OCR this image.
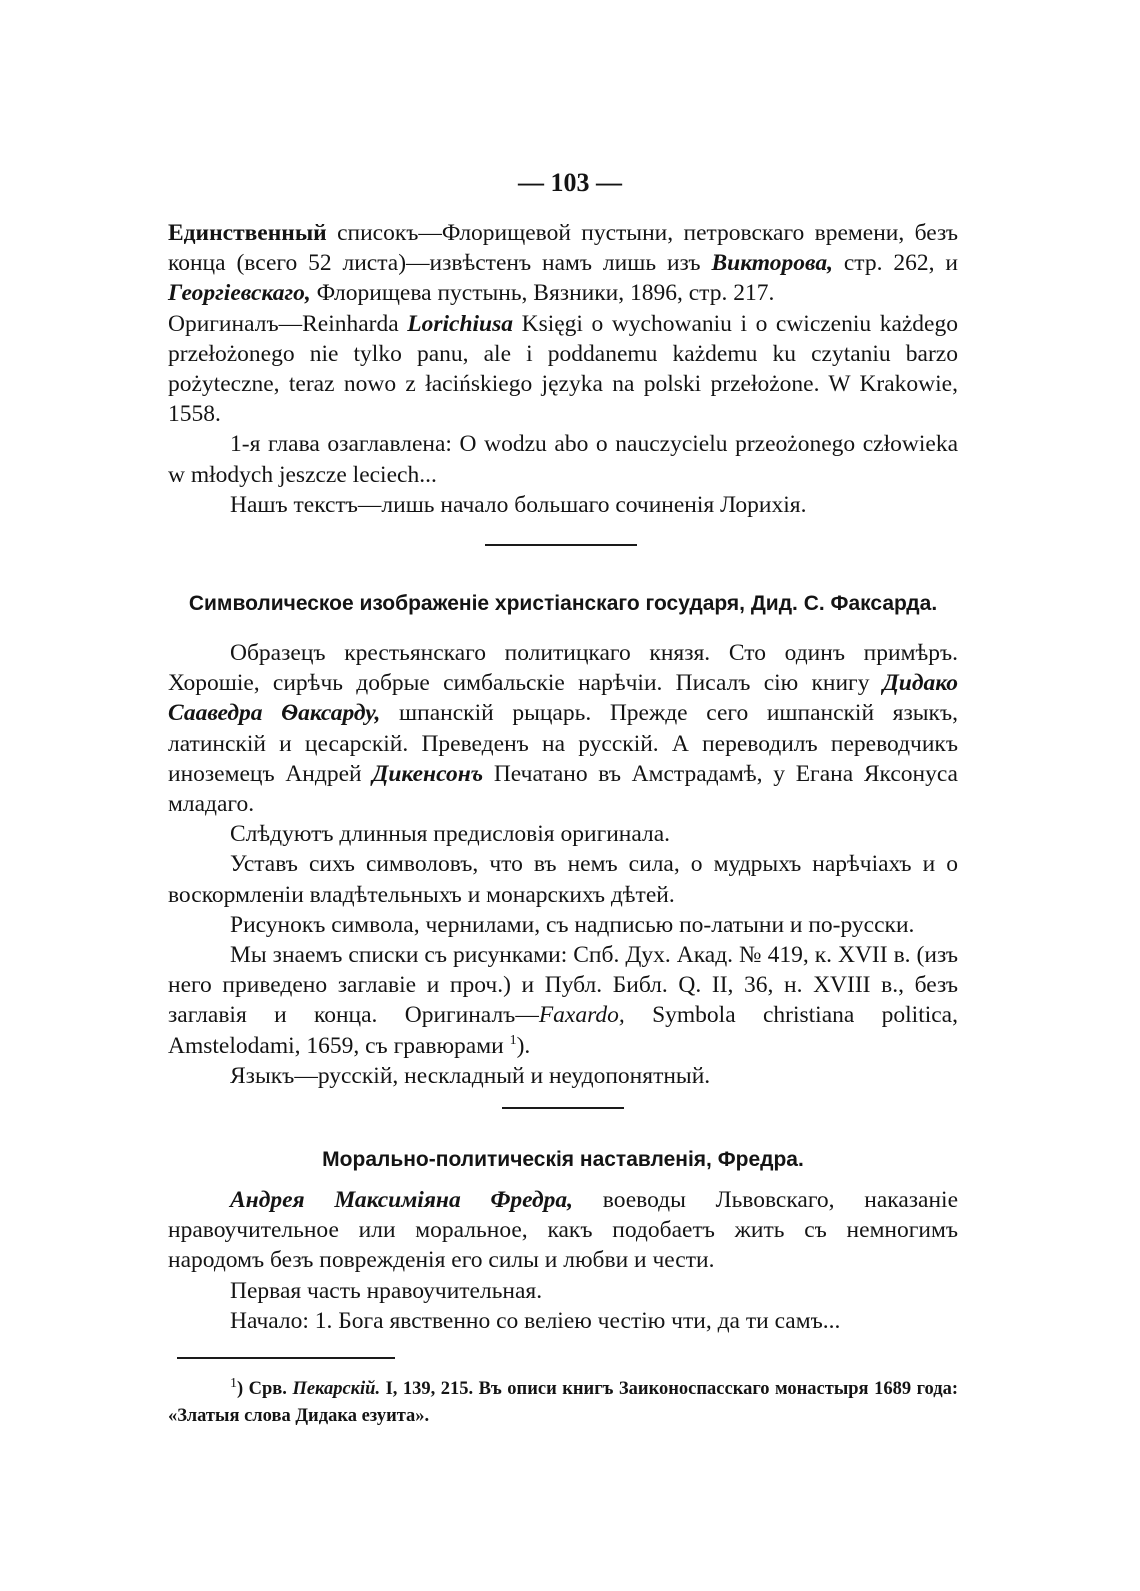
— 103 —

Единственный списокъ—Флорищевой пустыни, петровскаго времени, безъ конца (всего 52 листа)—извѣстенъ намъ лишь изъ Викторова, стр. 262, и Георгіевскаго, Флорищева пустынь, Вязники, 1896, стр. 217.

Оригиналъ—Reinharda Lorichiusa Księgi o wychowaniu i o cwiczeniu każdego przełożonego nie tylko panu, ale i poddanemu każdemu ku czytaniu barzo pożyteczne, teraz nowo z łacińskiego języka na polski przełożone. W Krakowie, 1558.

1-я глава озаглавлена: O wodzu abo o nauczycielu przeożonego człowieka w młodych jeszcze leciech...

Нашъ текстъ—лишь начало большаго сочиненія Лорихія.

Символическое изображеніе христіанскаго государя, Дид. С. Факсарда.

Образецъ крестьянскаго политицкаго князя. Сто одинъ примѣръ. Хорошіе, сирѣчь добрые симбальскіе нарѣчіи. Писалъ сію книгу Дидако Сааведра Ѳаксарду, шпанскій рыцарь. Прежде сего ишпанскій языкъ, латинскій и цесарскій. Преведенъ на русскій. А переводилъ переводчикъ иноземецъ Андрей Дикенсонъ Печатано въ Амстрадамѣ, у Егана Яксонуса младаго.

Слѣдуютъ длинныя предисловія оригинала.

Уставъ сихъ символовъ, что въ немъ сила, о мудрыхъ нарѣчіахъ и о воскормленіи владѣтельныхъ и монарскихъ дѣтей.

Рисунокъ символа, чернилами, съ надписью по-латыни и по-русски.

Мы знаемъ списки съ рисунками: Спб. Дух. Акад. № 419, к. XVII в. (изъ него приведено заглавіе и проч.) и Публ. Библ. Q. II, 36, н. XVIII в., безъ заглавія и конца. Оригиналъ—Faxardo, Symbola christiana politica, Amstelodami, 1659, съ гравюрами $^1$).

Языкъ—русскій, нескладный и неудопонятный.

Морально-политическія наставленія, Фредра.

Андрея Максиміяна Фредра, воеводы Львовскаго, наказаніе нравоучительное или моральное, какъ подобаетъ жить съ немногимъ народомъ безъ поврежденія его силы и любви и чести.

Первая часть нравоучительная.

Начало: 1. Бога явственно со веліею честію чти, да ти самъ...

$^1$) Срв. Пекарскій. I, 139, 215. Въ описи книгъ Заиконоспасскаго монастыря 1689 года: «Златыя слова Дидака езуита».
